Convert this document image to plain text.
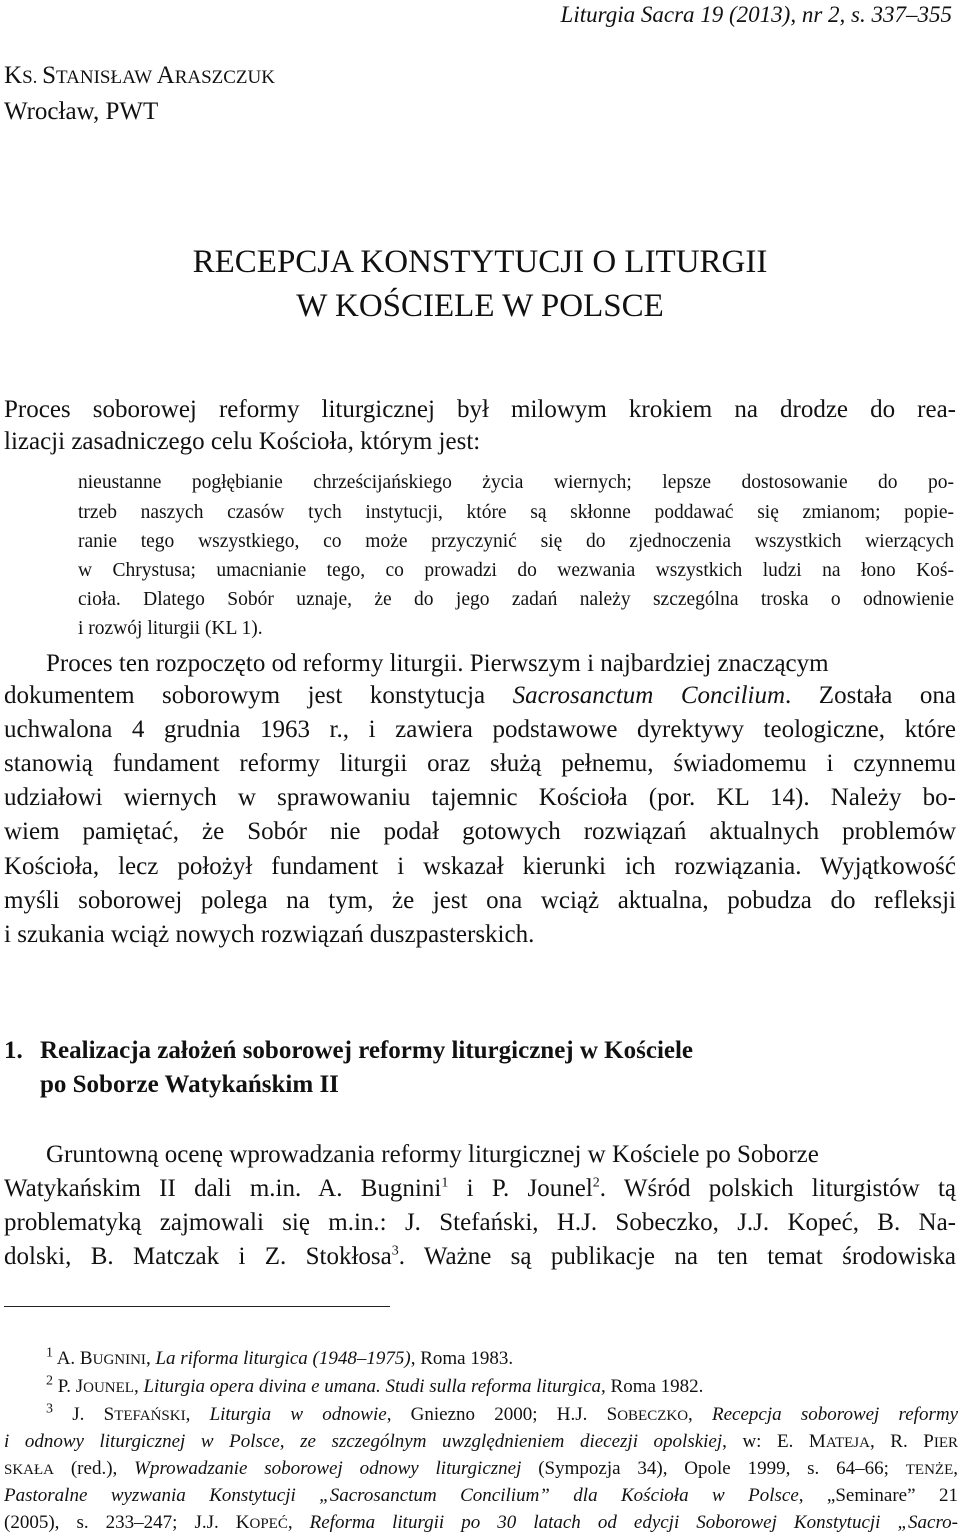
Liturgia Sacra 19 (2013), nr 2, s. 337–355
KS. STANISŁAW ARASZCZUK
Wrocław, PWT
RECEPCJA KONSTYTUCJI O LITURGII
W KOŚCIELE W POLSCE
Proces soborowej reformy liturgicznej był milowym krokiem na drodze do rea-
lizacji zasadniczego celu Kościoła, którym jest:
nieustanne pogłębianie chrześcijańskiego życia wiernych; lepsze dostosowanie do po-
trzeb naszych czasów tych instytucji, które są skłonne poddawać się zmianom; popie-
ranie tego wszystkiego, co może przyczynić się do zjednoczenia wszystkich wierzących
w Chrystusa; umacnianie tego, co prowadzi do wezwania wszystkich ludzi na łono Koś-
cioła. Dlatego Sobór uznaje, że do jego zadań należy szczególna troska o odnowienie
i rozwój liturgii (KL 1).
Proces ten rozpoczęto od reformy liturgii. Pierwszym i najbardziej znaczącym
dokumentem soborowym jest konstytucja Sacrosanctum Concilium. Została ona
uchwalona 4 grudnia 1963 r., i zawiera podstawowe dyrektywy teologiczne, które
stanowią fundament reformy liturgii oraz służą pełnemu, świadomemu i czynnemu
udziałowi wiernych w sprawowaniu tajemnic Kościoła (por. KL 14). Należy bo-
wiem pamiętać, że Sobór nie podał gotowych rozwiązań aktualnych problemów
Kościoła, lecz położył fundament i wskazał kierunki ich rozwiązania. Wyjątkowość
myśli soborowej polega na tym, że jest ona wciąż aktualna, pobudza do refleksji
i szukania wciąż nowych rozwiązań duszpasterskich.
1. Realizacja założeń soborowej reformy liturgicznej w Kościele
po Soborze Watykańskim II
Gruntowną ocenę wprowadzania reformy liturgicznej w Kościele po Soborze
Watykańskim II dali m.in. A. Bugnini$^1$ i P. Jounel$^2$. Wśród polskich liturgistów tą
problematyką zajmowali się m.in.: J. Stefański, H.J. Sobeczko, J.J. Kopeć, B. Na-
dolski, B. Matczak i Z. Stokłosa$^3$. Ważne są publikacje na ten temat środowiska
$^1$ A. BUGNINI, La riforma liturgica (1948–1975), Roma 1983.
$^2$ P. JOUNEL, Liturgia opera divina e umana. Studi sulla reforma liturgica, Roma 1982.
$^3$ J. STEFAŃSKI, Liturgia w odnowie, Gniezno 2000; H.J. SOBECZKO, Recepcja soborowej reformy
i odnowy liturgicznej w Polsce, ze szczególnym uwzględnieniem diecezji opolskiej, w: E. MATEJA, R. PIER
SKAŁA (red.), Wprowadzanie soborowej odnowy liturgicznej (Sympozja 34), Opole 1999, s. 64–66; TENŻE,
Pastoralne wyzwania Konstytucji „Sacrosanctum Concilium” dla Kościoła w Polsce, „Seminare” 21
(2005), s. 233–247; J.J. KOPEĆ, Reforma liturgii po 30 latach od edycji Soborowej Konstytucji „Sacro-
